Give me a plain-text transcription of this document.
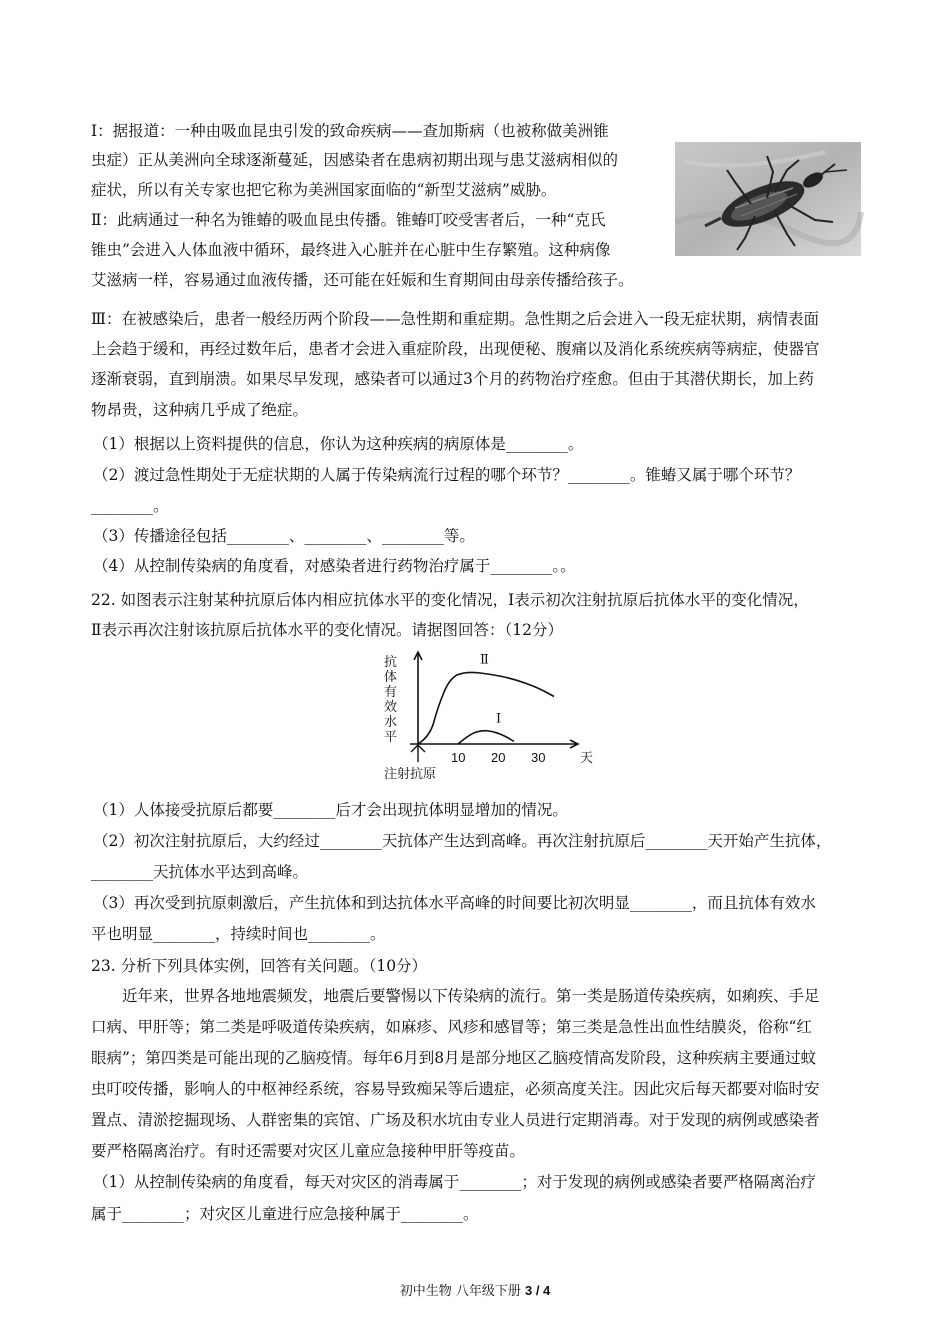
Ⅰ：据报道：一种由吸血昆虫引发的致命疾病——查加斯病（也被称做美洲锥
虫症）正从美洲向全球逐渐蔓延，因感染者在患病初期出现与患艾滋病相似的
症状，所以有关专家也把它称为美洲国家面临的“新型艾滋病”威胁。
Ⅱ：此病通过一种名为锥蝽的吸血昆虫传播。锥蝽叮咬受害者后，一种“克氏
锥虫”会进入人体血液中循环，最终进入心脏并在心脏中生存繁殖。这种病像
艾滋病一样，容易通过血液传播，还可能在妊娠和生育期间由母亲传播给孩子。
Ⅲ：在被感染后，患者一般经历两个阶段——急性期和重症期。急性期之后会进入一段无症状期，病情表面
上会趋于缓和，再经过数年后，患者才会进入重症阶段，出现便秘、腹痛以及消化系统疾病等病症，使器官
逐渐衰弱，直到崩溃。如果尽早发现，感染者可以通过3个月的药物治疗痊愈。但由于其潜伏期长，加上药
物昂贵，这种病几乎成了绝症。
（1）根据以上资料提供的信息，你认为这种疾病的病原体是________。
（2）渡过急性期处于无症状期的人属于传染病流行过程的哪个环节？________。锥蝽又属于哪个环节？
________。
（3）传播途径包括________、________、________等。
（4）从控制传染病的角度看，对感染者进行药物治疗属于________。。
22. 如图表示注射某种抗原后体内相应抗体水平的变化情况，Ⅰ表示初次注射抗原后抗体水平的变化情况，
Ⅱ表示再次注射该抗原后抗体水平的变化情况。请据图回答：（12分）
抗
体
有
效
水
平
10 20 30
Ⅱ
Ⅰ
天
注射抗原
（1）人体接受抗原后都要________后才会出现抗体明显增加的情况。
（2）初次注射抗原后，大约经过________天抗体产生达到高峰。再次注射抗原后________天开始产生抗体，
________天抗体水平达到高峰。
（3）再次受到抗原刺激后，产生抗体和到达抗体水平高峰的时间要比初次明显________，而且抗体有效水
平也明显________，持续时间也________。
23. 分析下列具体实例，回答有关问题。（10分）
近年来，世界各地地震频发，地震后要警惕以下传染病的流行。第一类是肠道传染疾病，如痢疾、手足
口病、甲肝等；第二类是呼吸道传染疾病，如麻疹、风疹和感冒等；第三类是急性出血性结膜炎，俗称“红
眼病”；第四类是可能出现的乙脑疫情。每年6月到8月是部分地区乙脑疫情高发阶段，这种疾病主要通过蚊
虫叮咬传播，影响人的中枢神经系统，容易导致痴呆等后遗症，必须高度关注。因此灾后每天都要对临时安
置点、清淤挖掘现场、人群密集的宾馆、广场及积水坑由专业人员进行定期消毒。对于发现的病例或感染者
要严格隔离治疗。有时还需要对灾区儿童应急接种甲肝等疫苗。
（1）从控制传染病的角度看，每天对灾区的消毒属于________；对于发现的病例或感染者要严格隔离治疗
属于________；对灾区儿童进行应急接种属于________。
初中生物 八年级下册 3 / 4
